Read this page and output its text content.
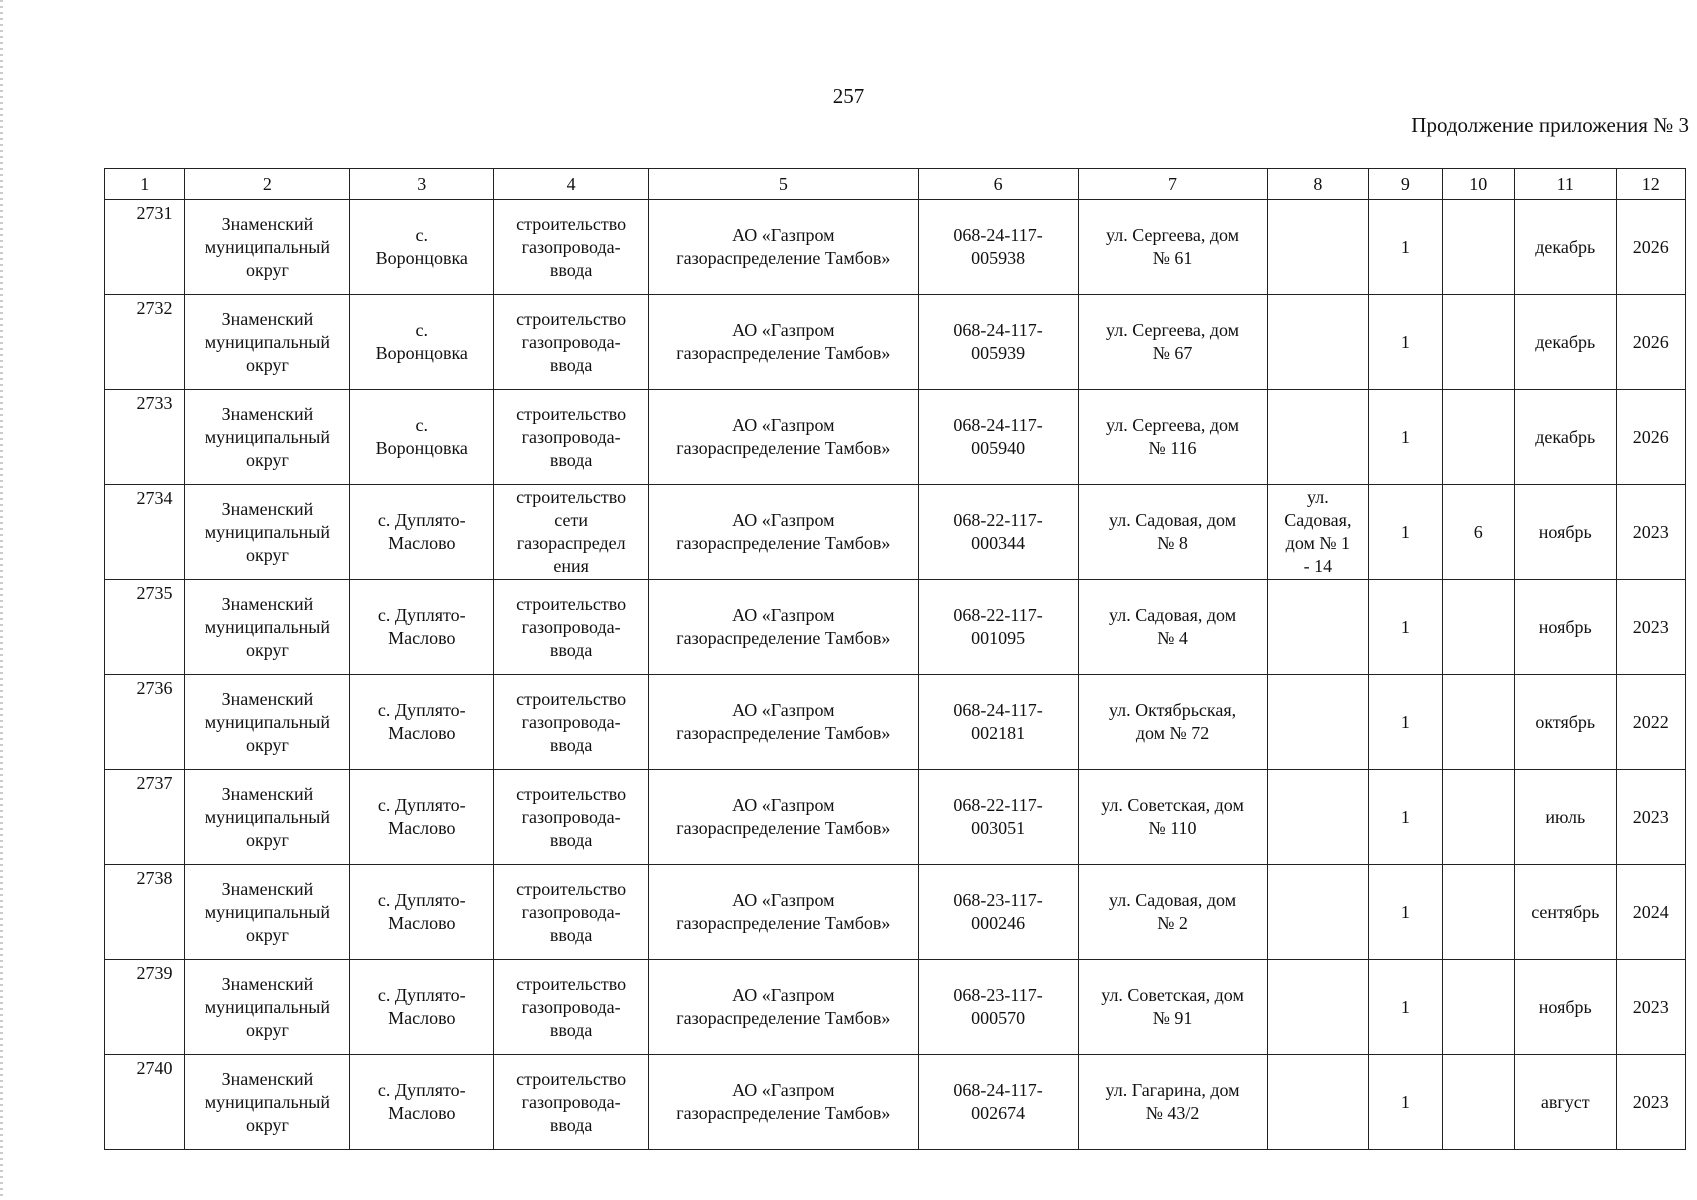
257
Продолжение приложения № 3
1	2	3	4	5	6	7	8	9	10	11	12
2731	Знаменский
муниципальный
округ	с.
Воронцовка	строительство
газопровода-
ввода	АО «Газпром
газораспределение Тамбов»	068-24-117-
005938	ул. Сергеева, дом
№ 61		1		декабрь	2026
2732	Знаменский
муниципальный
округ	с.
Воронцовка	строительство
газопровода-
ввода	АО «Газпром
газораспределение Тамбов»	068-24-117-
005939	ул. Сергеева, дом
№ 67		1		декабрь	2026
2733	Знаменский
муниципальный
округ	с.
Воронцовка	строительство
газопровода-
ввода	АО «Газпром
газораспределение Тамбов»	068-24-117-
005940	ул. Сергеева, дом
№ 116		1		декабрь	2026
2734	Знаменский
муниципальный
округ	с. Дуплято-
Маслово	строительство
сети
газораспредел
ения	АО «Газпром
газораспределение Тамбов»	068-22-117-
000344	ул. Садовая, дом
№ 8	ул.
Садовая,
дом № 1
- 14	1	6	ноябрь	2023
2735	Знаменский
муниципальный
округ	с. Дуплято-
Маслово	строительство
газопровода-
ввода	АО «Газпром
газораспределение Тамбов»	068-22-117-
001095	ул. Садовая, дом
№ 4		1		ноябрь	2023
2736	Знаменский
муниципальный
округ	с. Дуплято-
Маслово	строительство
газопровода-
ввода	АО «Газпром
газораспределение Тамбов»	068-24-117-
002181	ул. Октябрьская,
дом № 72		1		октябрь	2022
2737	Знаменский
муниципальный
округ	с. Дуплято-
Маслово	строительство
газопровода-
ввода	АО «Газпром
газораспределение Тамбов»	068-22-117-
003051	ул. Советская, дом
№ 110		1		июль	2023
2738	Знаменский
муниципальный
округ	с. Дуплято-
Маслово	строительство
газопровода-
ввода	АО «Газпром
газораспределение Тамбов»	068-23-117-
000246	ул. Садовая, дом
№ 2		1		сентябрь	2024
2739	Знаменский
муниципальный
округ	с. Дуплято-
Маслово	строительство
газопровода-
ввода	АО «Газпром
газораспределение Тамбов»	068-23-117-
000570	ул. Советская, дом
№ 91		1		ноябрь	2023
2740	Знаменский
муниципальный
округ	с. Дуплято-
Маслово	строительство
газопровода-
ввода	АО «Газпром
газораспределение Тамбов»	068-24-117-
002674	ул. Гагарина, дом
№ 43/2		1		август	2023
